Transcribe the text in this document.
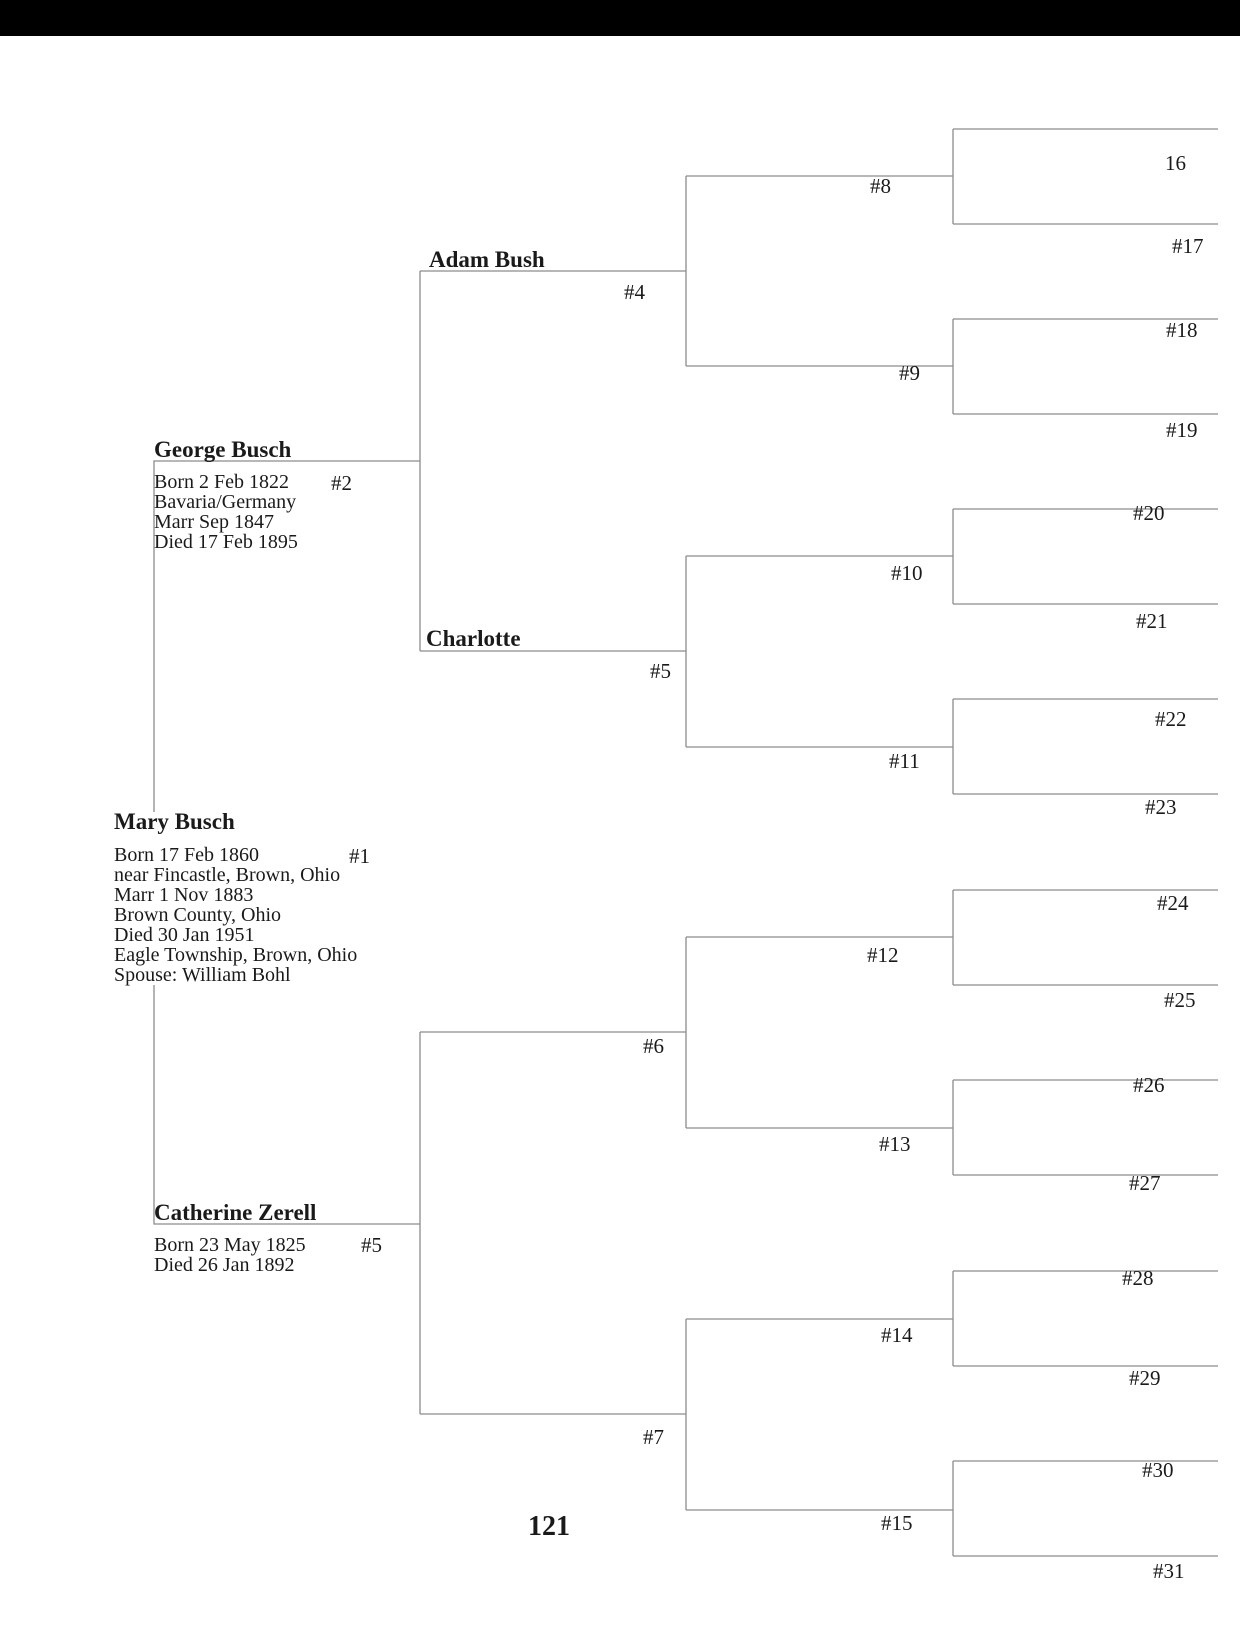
Mary Busch
Born 17 Feb 1860
near Fincastle, Brown, Ohio
Marr 1 Nov 1883
Brown County, Ohio
Died 30 Jan 1951
Eagle Township, Brown, Ohio
Spouse: William Bohl
#1
George Busch
Born 2 Feb 1822
Bavaria/Germany
Marr Sep 1847
Died 17 Feb 1895
#2
Catherine Zerell
Born 23 May 1825
Died 26 Jan 1892
#5
Adam Bush
#4
Charlotte
#5
#6
#7
#8
#9
#10
#11
#12
#13
#14
#15
16
#17
#18
#19
#20
#21
#22
#23
#24
#25
#26
#27
#28
#29
#30
#31
121
